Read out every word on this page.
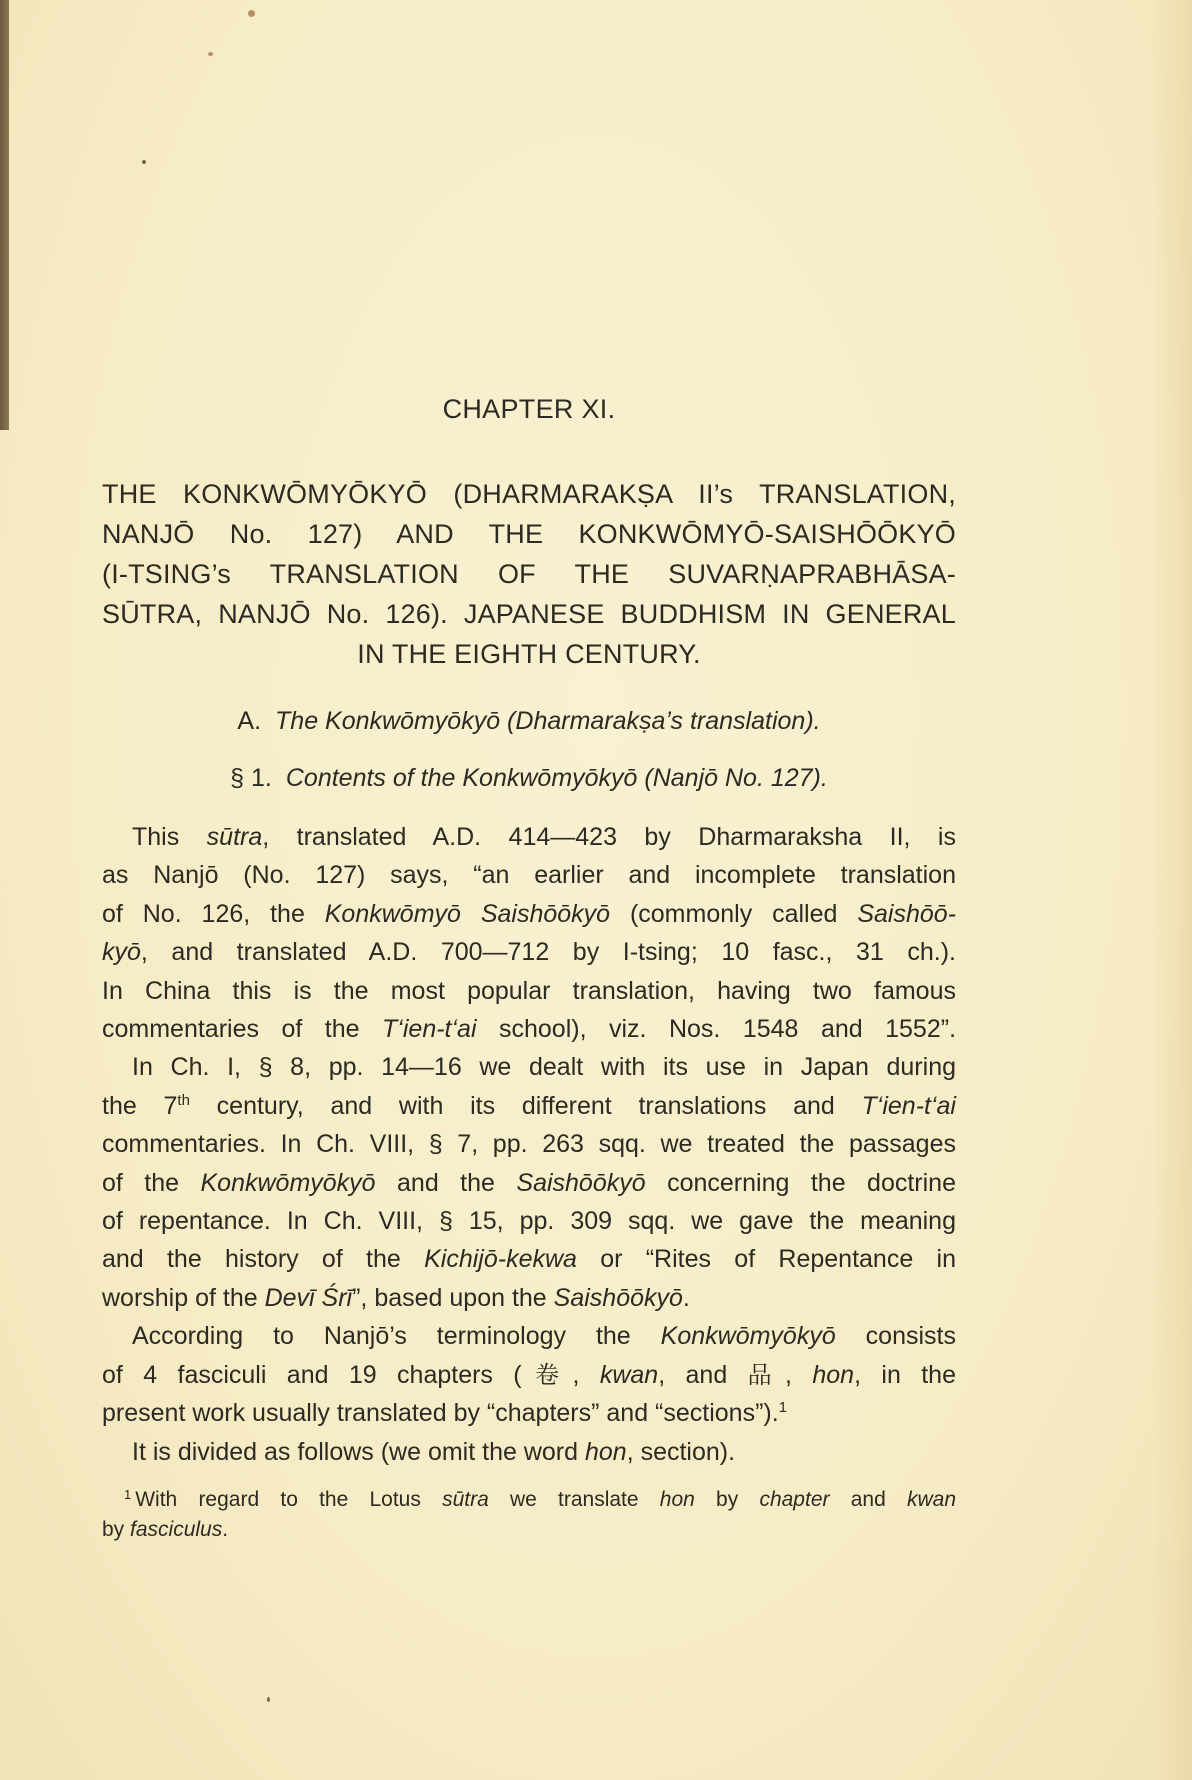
CHAPTER XI.
THE KONKWŌMYŌKYŌ (DHARMARAKṢA II’s TRANSLATION,
NANJŌ No. 127) AND THE KONKWŌMYŌ-SAISHŌŌKYŌ
(I-TSING’s TRANSLATION OF THE SUVARṆAPRABHĀSA-
SŪTRA, NANJŌ No. 126). JAPANESE BUDDHISM IN GENERAL
IN THE EIGHTH CENTURY.
A. The Konkwōmyōkyō (Dharmarakṣa’s translation).
§ 1. Contents of the Konkwōmyōkyō (Nanjō No. 127).

This sūtra, translated A.D. 414—423 by Dharmaraksha II, is
as Nanjō (No. 127) says, “an earlier and incomplete translation
of No. 126, the Konkwōmyō Saishōōkyō (commonly called Saishōō-
kyō, and translated A.D. 700—712 by I-tsing; 10 fasc., 31 ch.).
In China this is the most popular translation, having two famous
commentaries of the T‘ien-t‘ai school), viz. Nos. 1548 and 1552”.

In Ch. I, § 8, pp. 14—16 we dealt with its use in Japan during
the 7th century, and with its different translations and T‘ien-t‘ai
commentaries. In Ch. VIII, § 7, pp. 263 sqq. we treated the passages
of the Konkwōmyōkyō and the Saishōōkyō concerning the doctrine
of repentance. In Ch. VIII, § 15, pp. 309 sqq. we gave the meaning
and the history of the Kichijō-kekwa or “Rites of Repentance in
worship of the Devī Śrī”, based upon the Saishōōkyō.

According to Nanjō’s terminology the Konkwōmyōkyō consists
of 4 fasciculi and 19 chapters (卷, kwan, and 品, hon, in the
present work usually translated by “chapters” and “sections”).$^1$

It is divided as follows (we omit the word hon, section).

$^1$ With regard to the Lotus sūtra we translate hon by chapter and kwan
by fasciculus.
